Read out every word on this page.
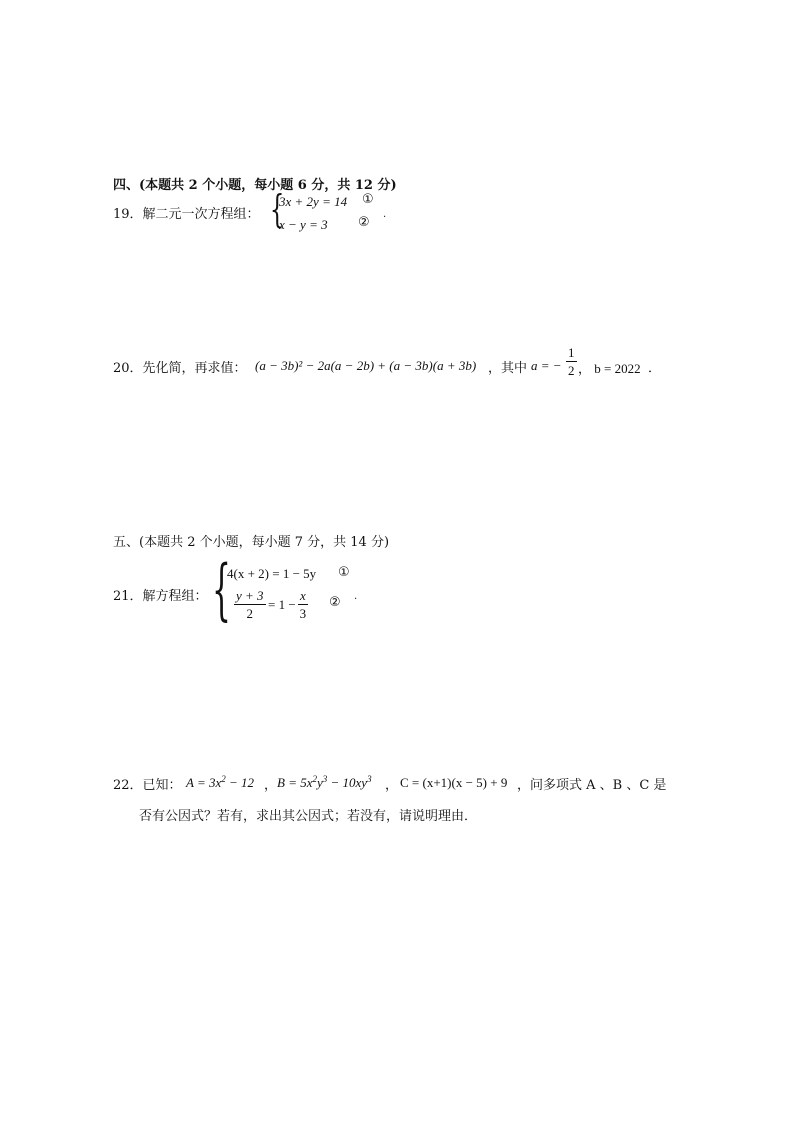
四、(本题共 2 个小题，每小题 6 分，共 12 分)
19．解二元一次方程组： {
3x + 2y = 14 ①
x − y = 3 ②
.
20．先化简，再求值： (a − 3b)² − 2a(a − 2b) + (a − 3b)(a + 3b) ，其中 a = − $\frac{1}{2}$ ， b = 2022 ．
五、(本题共 2 个小题，每小题 7 分，共 14 分)
21．解方程组： {
4(x + 2) = 1 − 5y ①
$\frac{y + 3}{2} = 1 - \frac{x}{3}$ ② .
22．已知： $A = 3x^2 - 12$ ， $B = 5x^2y^3 - 10xy^3$ ， C = (x+1)(x − 5) + 9 ，问多项式 A 、B 、C 是
否有公因式？若有，求出其公因式；若没有，请说明理由．
